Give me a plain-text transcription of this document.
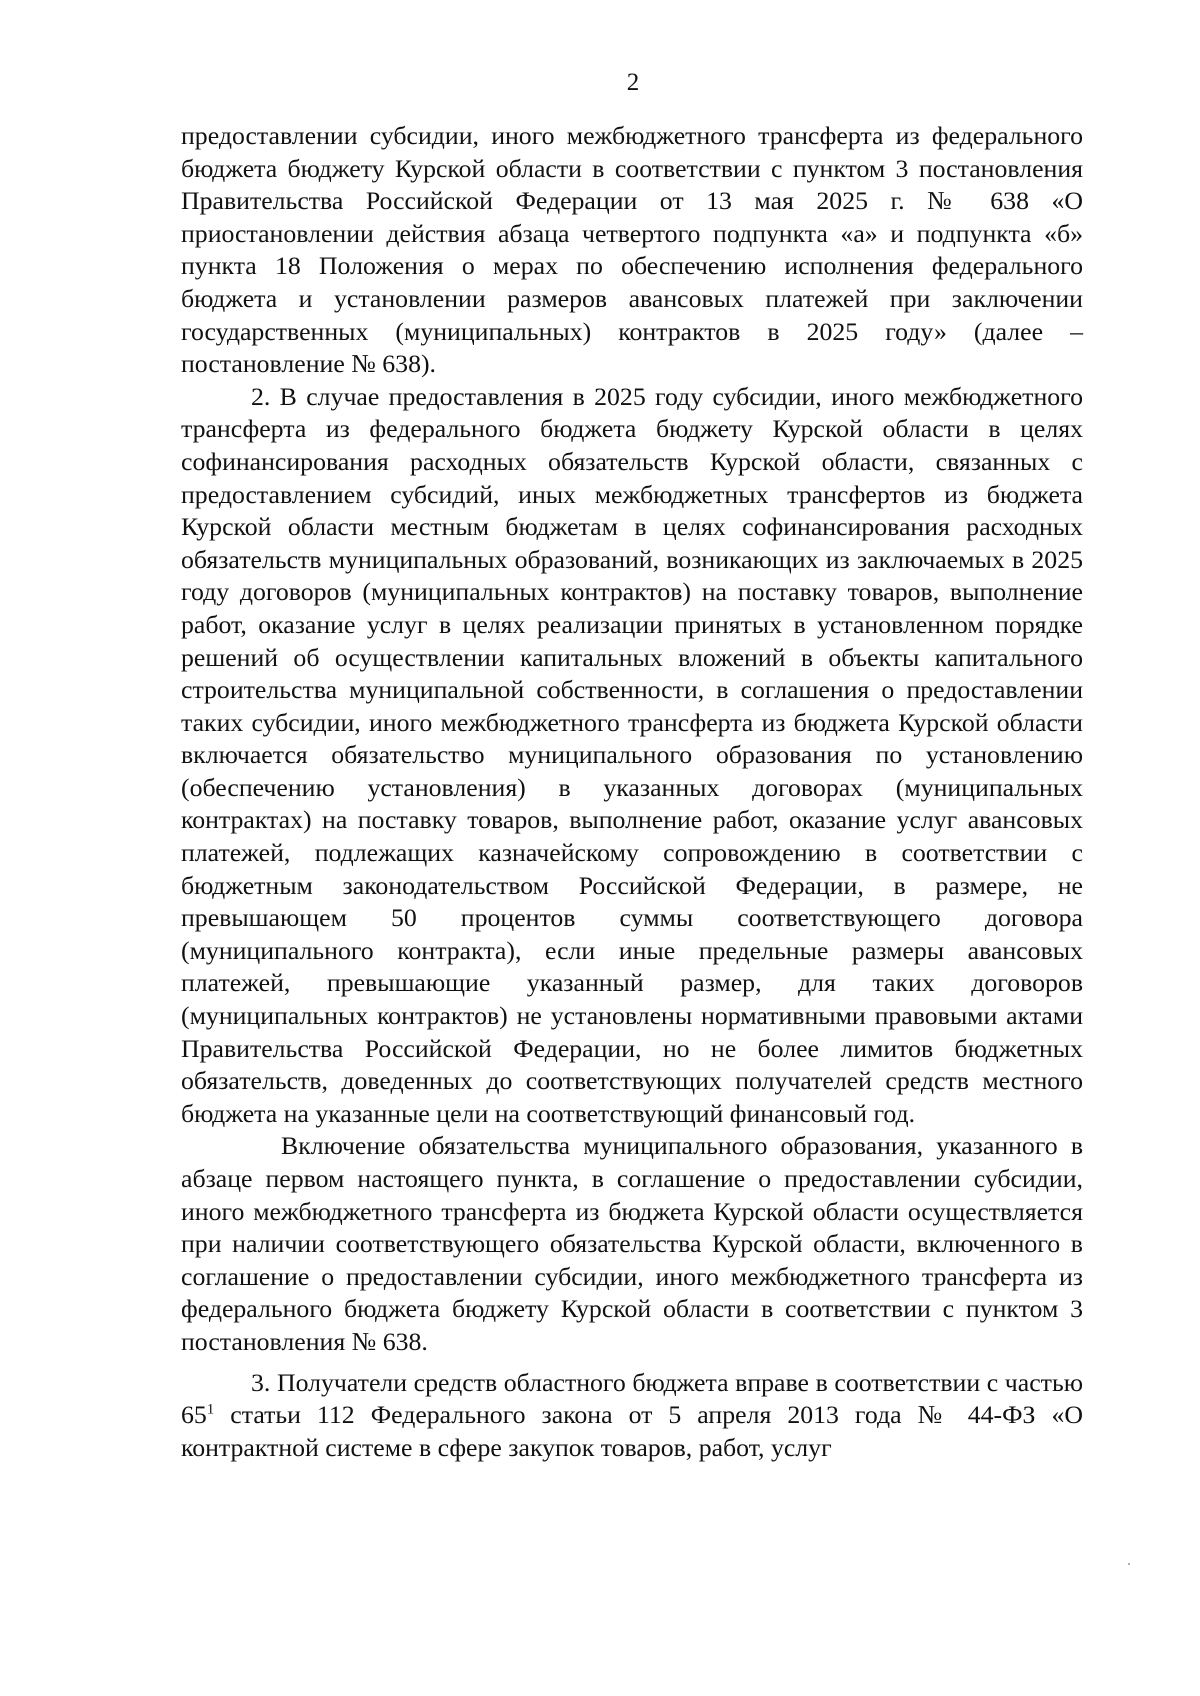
2

предоставлении субсидии, иного межбюджетного трансферта из федерального бюджета бюджету Курской области в соответствии с пунктом 3 постановления Правительства Российской Федерации от 13 мая 2025 г. № 638 «О приостановлении действия абзаца четвертого подпункта «а» и подпункта «б» пункта 18 Положения о мерах по обеспечению исполнения федерального бюджета и установлении размеров авансовых платежей при заключении государственных (муниципальных) контрактов в 2025 году» (далее – постановление № 638).

2. В случае предоставления в 2025 году субсидии, иного межбюджетного трансферта из федерального бюджета бюджету Курской области в целях софинансирования расходных обязательств Курской области, связанных с предоставлением субсидий, иных межбюджетных трансфертов из бюджета Курской области местным бюджетам в целях софинансирования расходных обязательств муниципальных образований, возникающих из заключаемых в 2025 году договоров (муниципальных контрактов) на поставку товаров, выполнение работ, оказание услуг в целях реализации принятых в установленном порядке решений об осуществлении капитальных вложений в объекты капитального строительства муниципальной собственности, в соглашения о предоставлении таких субсидии, иного межбюджетного трансферта из бюджета Курской области включается обязательство муниципального образования по установлению (обеспечению установления) в указанных договорах (муниципальных контрактах) на поставку товаров, выполнение работ, оказание услуг авансовых платежей, подлежащих казначейскому сопровождению в соответствии с бюджетным законодательством Российской Федерации, в размере, не превышающем 50 процентов суммы соответствующего договора (муниципального контракта), если иные предельные размеры авансовых платежей, превышающие указанный размер, для таких договоров (муниципальных контрактов) не установлены нормативными правовыми актами Правительства Российской Федерации, но не более лимитов бюджетных обязательств, доведенных до соответствующих получателей средств местного бюджета на указанные цели на соответствующий финансовый год.

Включение обязательства муниципального образования, указанного в абзаце первом настоящего пункта, в соглашение о предоставлении субсидии, иного межбюджетного трансферта из бюджета Курской области осуществляется при наличии соответствующего обязательства Курской области, включенного в соглашение о предоставлении субсидии, иного межбюджетного трансферта из федерального бюджета бюджету Курской области в соответствии с пунктом 3 постановления № 638.

3. Получатели средств областного бюджета вправе в соответствии с частью $65^1$ статьи 112 Федерального закона от 5 апреля 2013 года № 44-ФЗ «О контрактной системе в сфере закупок товаров, работ, услуг
